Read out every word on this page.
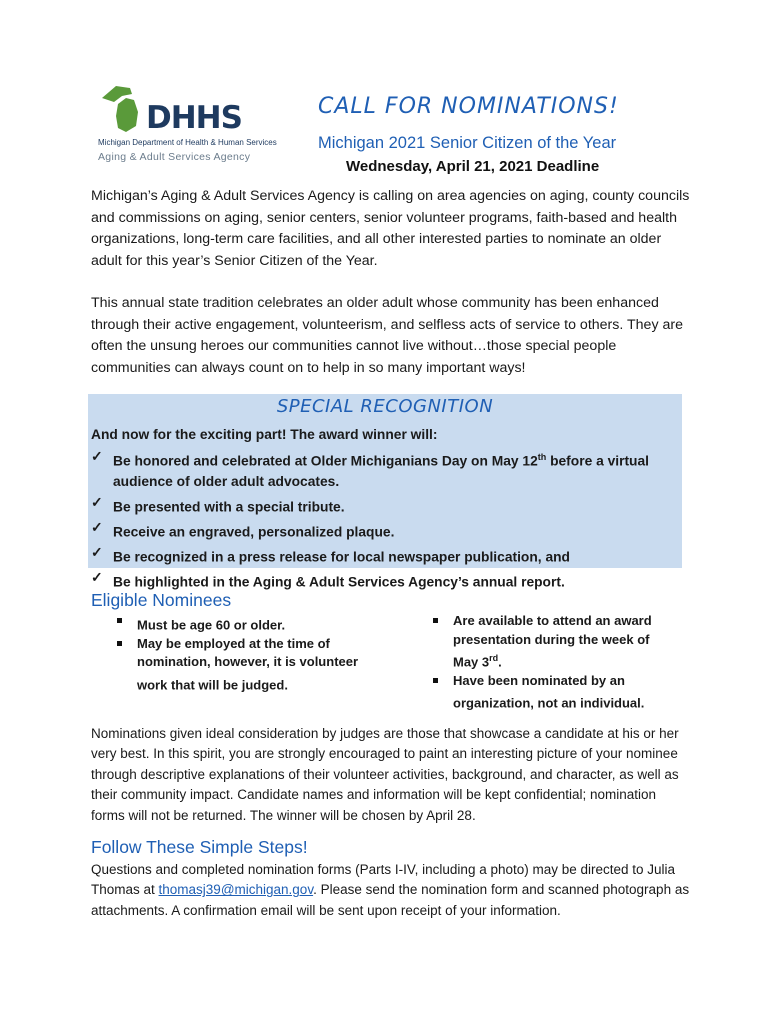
DHHS
Michigan Department of Health & Human Services
Aging & Adult Services Agency
CALL FOR NOMINATIONS!
Michigan 2021 Senior Citizen of the Year
Wednesday, April 21, 2021 Deadline
Michigan’s Aging & Adult Services Agency is calling on area agencies on aging, county councils and commissions on aging, senior centers, senior volunteer programs, faith-based and health organizations, long-term care facilities, and all other interested parties to nominate an older adult for this year’s Senior Citizen of the Year.
This annual state tradition celebrates an older adult whose community has been enhanced through their active engagement, volunteerism, and selfless acts of service to others. They are often the unsung heroes our communities cannot live without…those special people communities can always count on to help in so many important ways!
SPECIAL RECOGNITION
And now for the exciting part! The award winner will:
✓ Be honored and celebrated at Older Michiganians Day on May 12th before a virtual audience of older adult advocates.
✓ Be presented with a special tribute.
✓ Receive an engraved, personalized plaque.
✓ Be recognized in a press release for local newspaper publication, and
✓ Be highlighted in the Aging & Adult Services Agency’s annual report.
Eligible Nominees
Must be age 60 or older.
May be employed at the time of nomination, however, it is volunteer work that will be judged.
Are available to attend an award presentation during the week of May 3rd.
Have been nominated by an organization, not an individual.
Nominations given ideal consideration by judges are those that showcase a candidate at his or her very best. In this spirit, you are strongly encouraged to paint an interesting picture of your nominee through descriptive explanations of their volunteer activities, background, and character, as well as their community impact. Candidate names and information will be kept confidential; nomination forms will not be returned. The winner will be chosen by April 28.
Follow These Simple Steps!
Questions and completed nomination forms (Parts I-IV, including a photo) may be directed to Julia Thomas at thomasj39@michigan.gov. Please send the nomination form and scanned photograph as attachments. A confirmation email will be sent upon receipt of your information.
